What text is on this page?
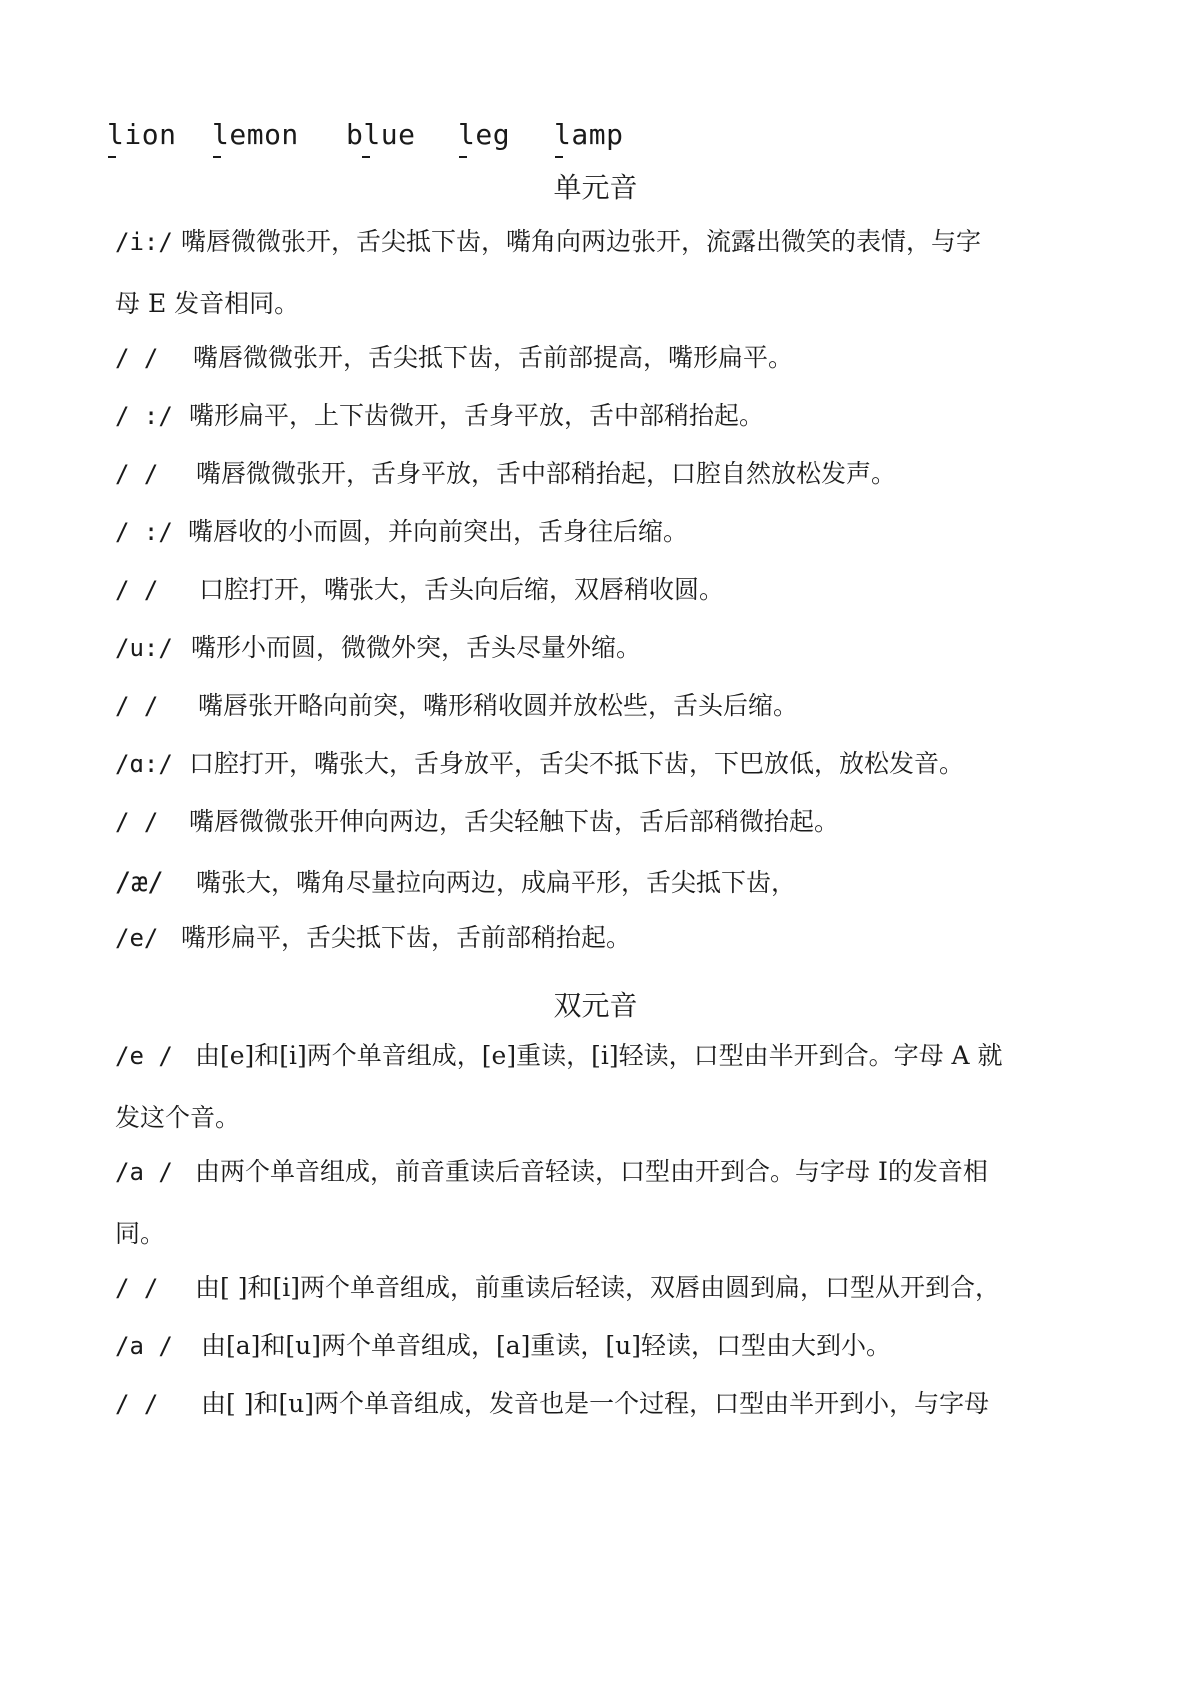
lion lemon blue leg lamp
单元音
/i:/ 嘴唇微微张开，舌尖抵下齿，嘴角向两边张开，流露出微笑的表情，与字
母 E 发音相同。
/ / 嘴唇微微张开，舌尖抵下齿，舌前部提高，嘴形扁平。
/ :/ 嘴形扁平，上下齿微开，舌身平放，舌中部稍抬起。
/ / 嘴唇微微张开，舌身平放，舌中部稍抬起，口腔自然放松发声。
/ :/ 嘴唇收的小而圆，并向前突出，舌身往后缩。
/ / 口腔打开，嘴张大，舌头向后缩，双唇稍收圆。
/u:/ 嘴形小而圆，微微外突，舌头尽量外缩。
/ / 嘴唇张开略向前突，嘴形稍收圆并放松些，舌头后缩。
/ɑ:/ 口腔打开，嘴张大，舌身放平，舌尖不抵下齿，下巴放低，放松发音。
/ / 嘴唇微微张开伸向两边，舌尖轻触下齿，舌后部稍微抬起。
/æ/ 嘴张大，嘴角尽量拉向两边，成扁平形，舌尖抵下齿，
/e/ 嘴形扁平，舌尖抵下齿，舌前部稍抬起。
双元音
/e / 由[e]和[i]两个单音组成，[e]重读，[i]轻读，口型由半开到合。字母 A 就
发这个音。
/a / 由两个单音组成，前音重读后音轻读，口型由开到合。与字母 I的发音相
同。
/ / 由[ ]和[i]两个单音组成，前重读后轻读，双唇由圆到扁，口型从开到合，
/a / 由[a]和[u]两个单音组成，[a]重读，[u]轻读，口型由大到小。
/ / 由[ ]和[u]两个单音组成，发音也是一个过程，口型由半开到小，与字母
